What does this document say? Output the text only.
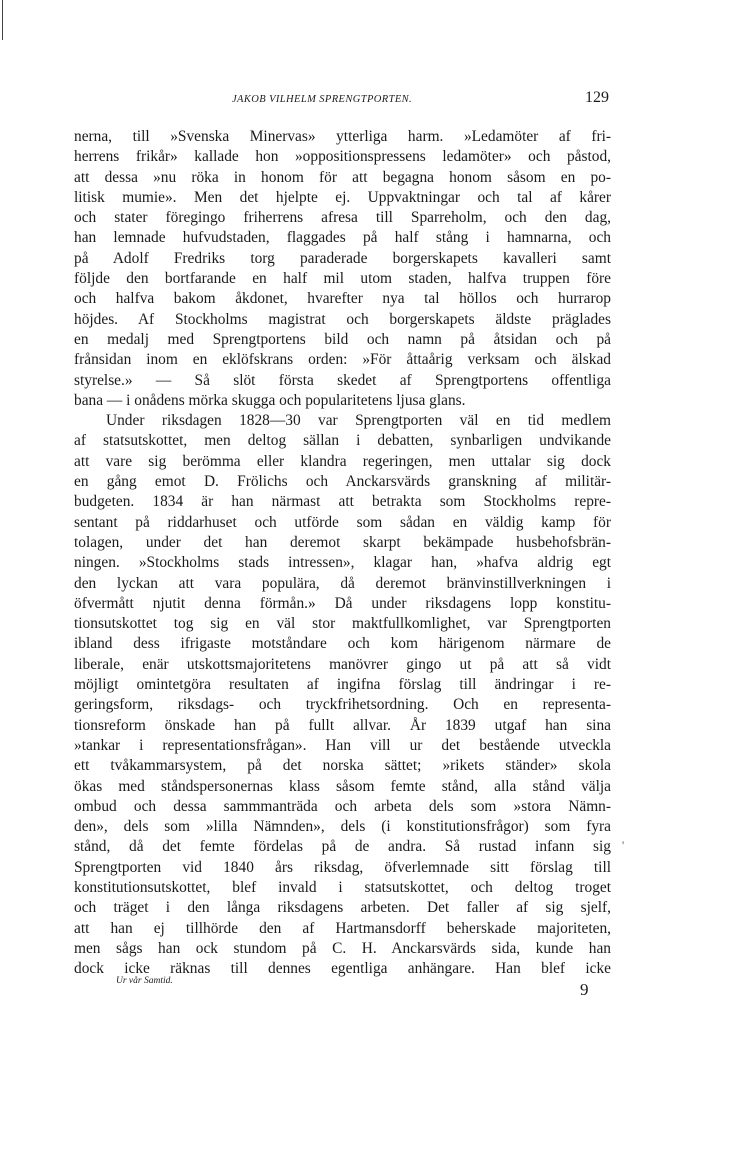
JAKOB VILHELM SPRENGTPORTEN.	129
nerna, till »Svenska Minervas» ytterliga harm. »Ledamöter af fri-
herrens frikår» kallade hon »oppositionspressens ledamöter» och påstod,
att dessa »nu röka in honom för att begagna honom såsom en po-
litisk mumie». Men det hjelpte ej. Uppvaktningar och tal af kårer
och stater föregingo friherrens afresa till Sparreholm, och den dag,
han lemnade hufvudstaden, flaggades på half stång i hamnarna, och
på Adolf Fredriks torg paraderade borgerskapets kavalleri samt
följde den bortfarande en half mil utom staden, halfva truppen före
och halfva bakom åkdonet, hvarefter nya tal höllos och hurrarop
höjdes. Af Stockholms magistrat och borgerskapets äldste präglades
en medalj med Sprengtportens bild och namn på åtsidan och på
frånsidan inom en eklöfskrans orden: »För åttaårig verksam och älskad
styrelse.» — Så slöt första skedet af Sprengtportens offentliga
bana — i onådens mörka skugga och popularitetens ljusa glans.
Under riksdagen 1828—30 var Sprengtporten väl en tid medlem
af statsutskottet, men deltog sällan i debatten, synbarligen undvikande
att vare sig berömma eller klandra regeringen, men uttalar sig dock
en gång emot D. Frölichs och Anckarsvärds granskning af militär-
budgeten. 1834 är han närmast att betrakta som Stockholms repre-
sentant på riddarhuset och utförde som sådan en väldig kamp för
tolagen, under det han deremot skarpt bekämpade husbehofsbrän-
ningen. »Stockholms stads intressen», klagar han, »hafva aldrig egt
den lyckan att vara populära, då deremot bränvinstillverkningen i
öfvermått njutit denna förmån.» Då under riksdagens lopp konstitu-
tionsutskottet tog sig en väl stor maktfullkomlighet, var Sprengtporten
ibland dess ifrigaste motståndare och kom härigenom närmare de
liberale, enär utskottsmajoritetens manövrer gingo ut på att så vidt
möjligt omintetgöra resultaten af ingifna förslag till ändringar i re-
geringsform, riksdags- och tryckfrihetsordning. Och en representa-
tionsreform önskade han på fullt allvar. År 1839 utgaf han sina
»tankar i representationsfrågan». Han vill ur det bestående utveckla
ett tvåkammarsystem, på det norska sättet; »rikets ständer» skola
ökas med ståndspersonernas klass såsom femte stånd, alla stånd välja
ombud och dessa sammmanträda och arbeta dels som »stora Nämn-
den», dels som »lilla Nämnden», dels (i konstitutionsfrågor) som fyra
stånd, då det femte fördelas på de andra. Så rustad infann sig
Sprengtporten vid 1840 års riksdag, öfverlemnade sitt förslag till
konstitutionsutskottet, blef invald i statsutskottet, och deltog troget
och träget i den långa riksdagens arbeten. Det faller af sig sjelf,
att han ej tillhörde den af Hartmansdorff beherskade majoriteten,
men sågs han ock stundom på C. H. Anckarsvärds sida, kunde han
dock icke räknas till dennes egentliga anhängare. Han blef icke
'
Ur vår Samtid.	9
